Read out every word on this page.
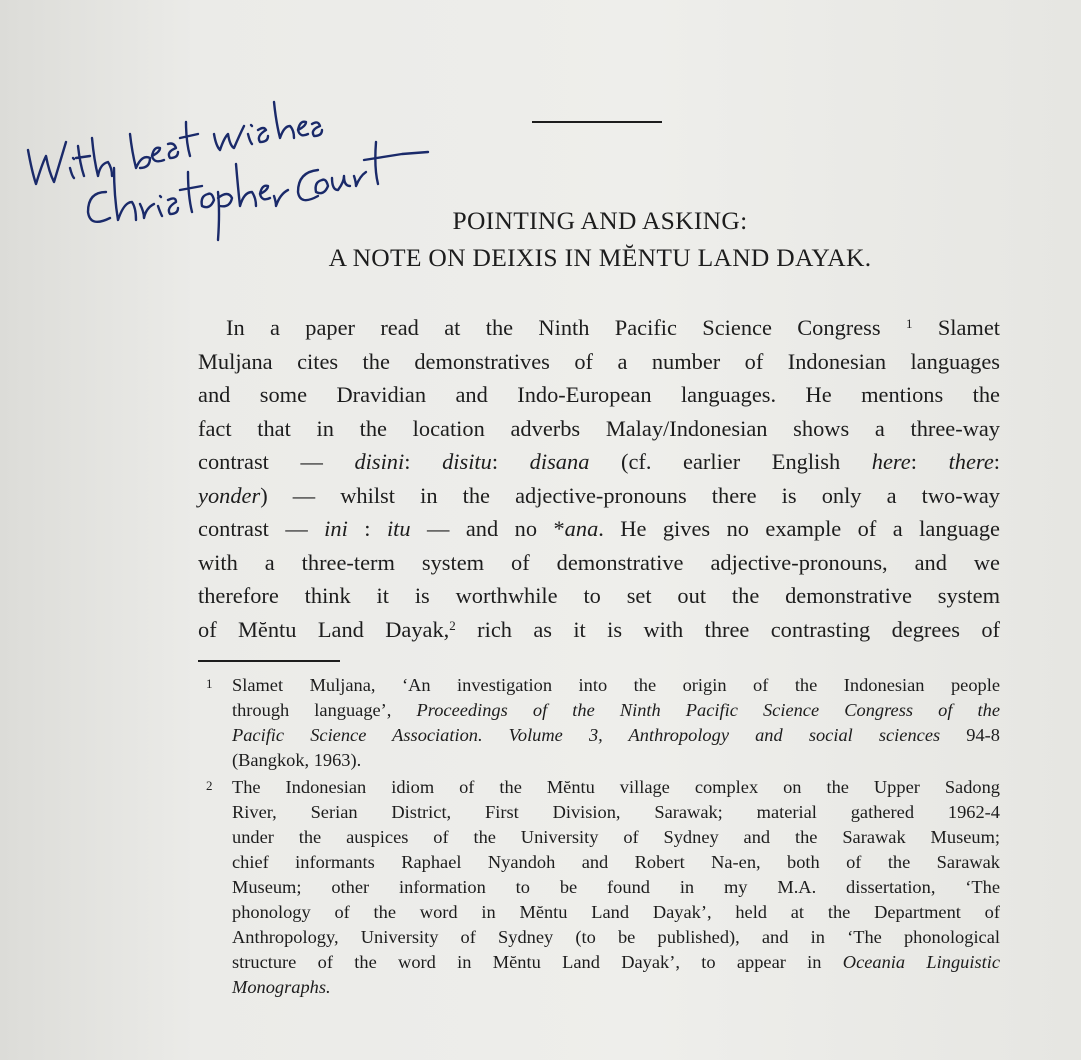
POINTING AND ASKING:
A NOTE ON DEIXIS IN MĔNTU LAND DAYAK.
In a paper read at the Ninth Pacific Science Congress $^1$ Slamet
Muljana cites the demonstratives of a number of Indonesian languages
and some Dravidian and Indo-European languages. He mentions the
fact that in the location adverbs Malay/Indonesian shows a three-way
contrast — disini: disitu: disana (cf. earlier English here: there:
yonder) — whilst in the adjective-pronouns there is only a two-way
contrast — ini : itu — and no *ana. He gives no example of a language
with a three-term system of demonstrative adjective-pronouns, and we
therefore think it is worthwhile to set out the demonstrative system
of Mĕntu Land Dayak,$^2$ rich as it is with three contrasting degrees of
1 Slamet Muljana, ‘An investigation into the origin of the Indonesian people
through language’, Proceedings of the Ninth Pacific Science Congress of the
Pacific Science Association. Volume 3, Anthropology and social sciences 94-8
(Bangkok, 1963).
2 The Indonesian idiom of the Mĕntu village complex on the Upper Sadong
River, Serian District, First Division, Sarawak; material gathered 1962-4
under the auspices of the University of Sydney and the Sarawak Museum;
chief informants Raphael Nyandoh and Robert Na-en, both of the Sarawak
Museum; other information to be found in my M.A. dissertation, ‘The
phonology of the word in Mĕntu Land Dayak’, held at the Department of
Anthropology, University of Sydney (to be published), and in ‘The phonological
structure of the word in Mĕntu Land Dayak’, to appear in Oceania Linguistic
Monographs.
